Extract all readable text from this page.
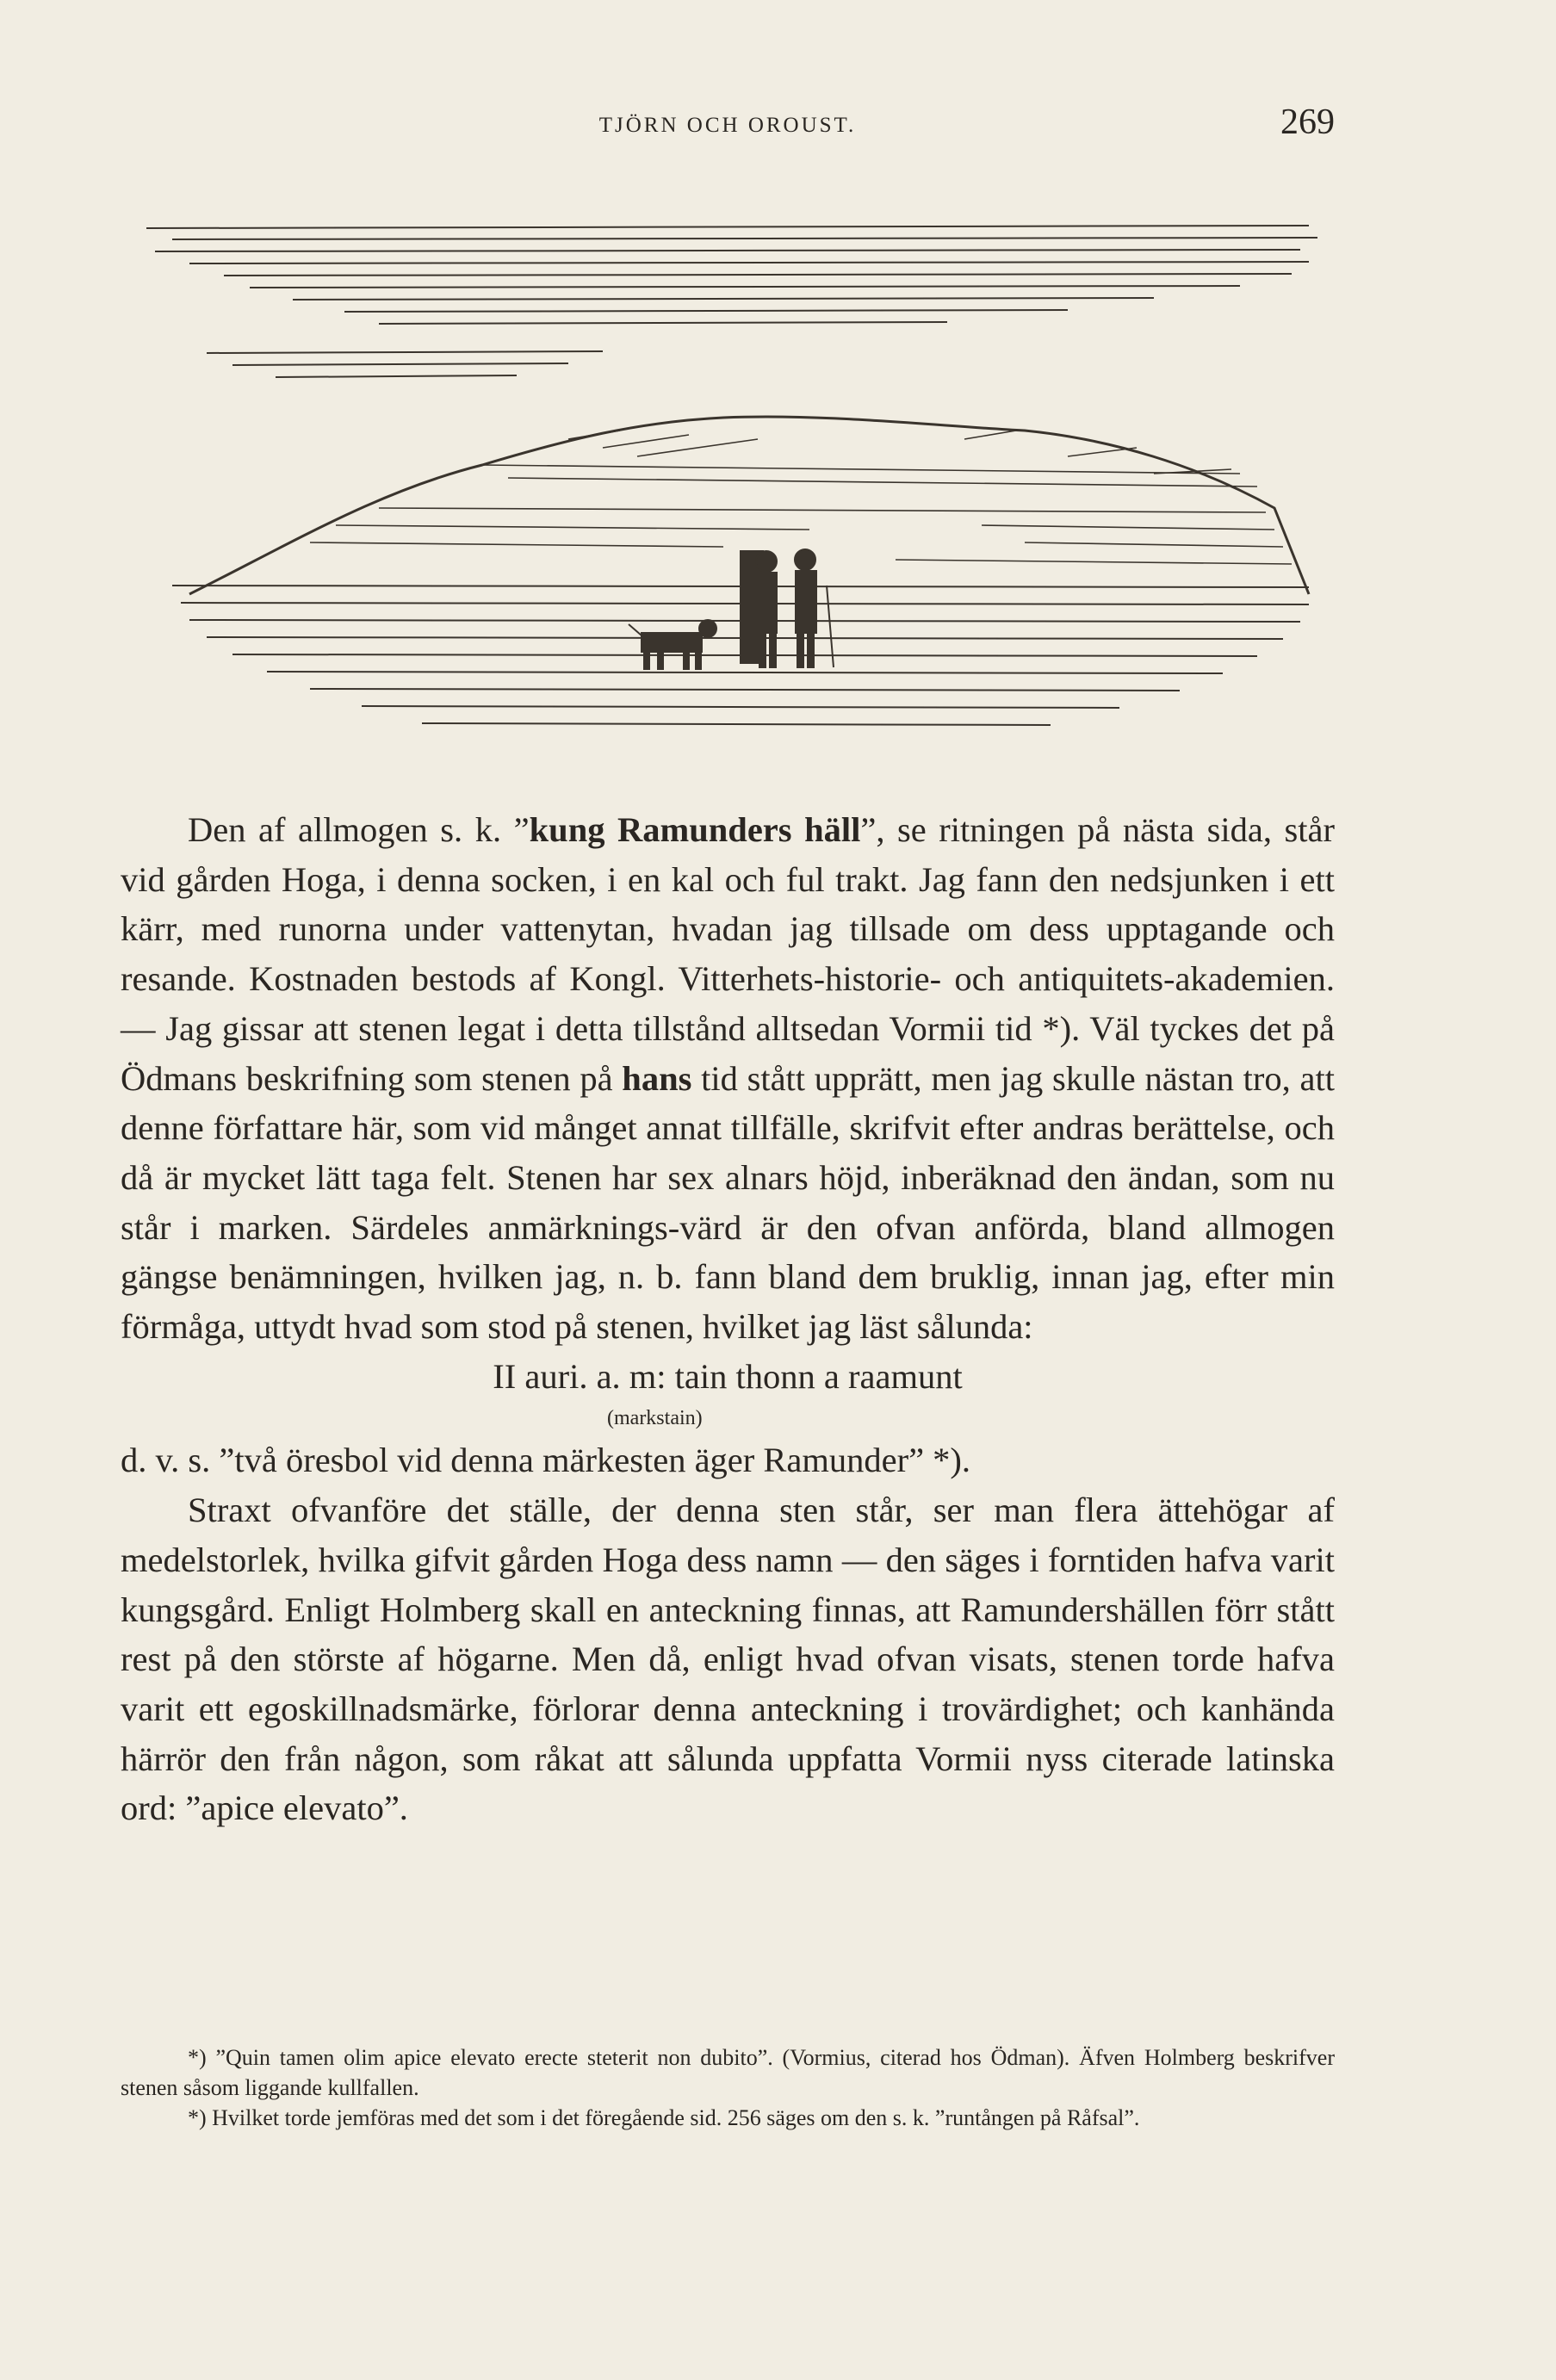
TJÖRN OCH OROUST.	269

Den af allmogen s. k. ”kung Ramunders häll”, se ritningen på nästa sida, står vid gården Hoga, i denna socken, i en kal och ful trakt. Jag fann den nedsjunken i ett kärr, med runorna under vattenytan, hvadan jag tillsade om dess upptagande och resande. Kostnaden bestods af Kongl. Vitterhets-historie- och antiquitets-akademien.— Jag gissar att stenen legat i detta tillstånd alltsedan Vormii tid *). Väl tyckes det på Ödmans beskrifning som stenen på hans tid stått upprätt, men jag skulle nästan tro, att denne författare här, som vid månget annat tillfälle, skrifvit efter andras berättelse, och då är mycket lätt taga felt. Stenen har sex alnars höjd, inberäknad den ändan, som nu står i marken. Särdeles anmärknings-värd är den ofvan anförda, bland allmogen gängse benämningen, hvilken jag, n. b. fann bland dem bruklig, innan jag, efter min förmåga, uttydt hvad som stod på stenen, hvilket jag läst sålunda:

II auri. a. m: tain thonn a raamunt

(markstain)

d. v. s. ”två öresbol vid denna märkesten äger Ramunder” *).

Straxt ofvanföre det ställe, der denna sten står, ser man flera ättehögar af medelstorlek, hvilka gifvit gården Hoga dess namn — den säges i forntiden hafva varit kungsgård. Enligt Holmberg skall en anteckning finnas, att Ramundershällen förr stått rest på den störste af högarne. Men då, enligt hvad ofvan visats, stenen torde hafva varit ett egoskillnadsmärke, förlorar denna anteckning i trovärdighet; och kanhända härrör den från någon, som råkat att sålunda uppfatta Vormii nyss citerade latinska ord: ”apice elevato”.

*) ”Quin tamen olim apice elevato erecte steterit non dubito”. (Vormius, citerad hos Ödman). Äfven Holmberg beskrifver stenen såsom liggande kullfallen.

*) Hvilket torde jemföras med det som i det föregående sid. 256 säges om den s. k. ”runtången på Råfsal”.
